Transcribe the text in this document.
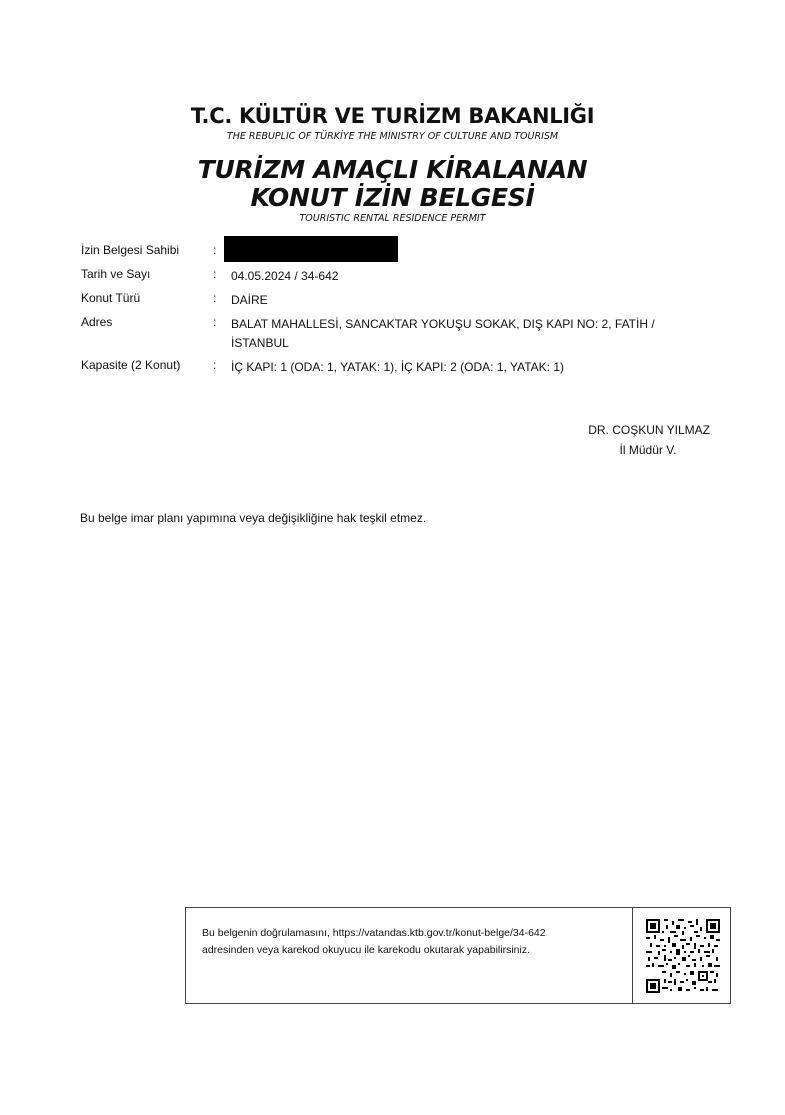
T.C. KÜLTÜR VE TURİZM BAKANLIĞI
THE REBUPLIC OF TÜRKİYE THE MINISTRY OF CULTURE AND TOURISM
TURİZM AMAÇLI KİRALANAN
KONUT İZİN BELGESİ
TOURISTIC RENTAL RESIDENCE PERMIT
İzin Belgesi Sahibi	:
Tarih ve Sayı	: 04.05.2024 / 34-642
Konut Türü	: DAİRE
Adres	: BALAT MAHALLESİ, SANCAKTAR YOKUŞU SOKAK, DIŞ KAPI NO: 2, FATİH /
İSTANBUL
Kapasite (2 Konut)	: İÇ KAPI: 1 (ODA: 1, YATAK: 1), İÇ KAPI: 2 (ODA: 1, YATAK: 1)
DR. COŞKUN YILMAZ
İl Müdür V.
Bu belge imar planı yapımına veya değişikliğine hak teşkil etmez.
Bu belgenin doğrulamasını, https://vatandas.ktb.gov.tr/konut-belge/34-642
adresinden veya karekod okuyucu ile karekodu okutarak yapabilirsiniz.
